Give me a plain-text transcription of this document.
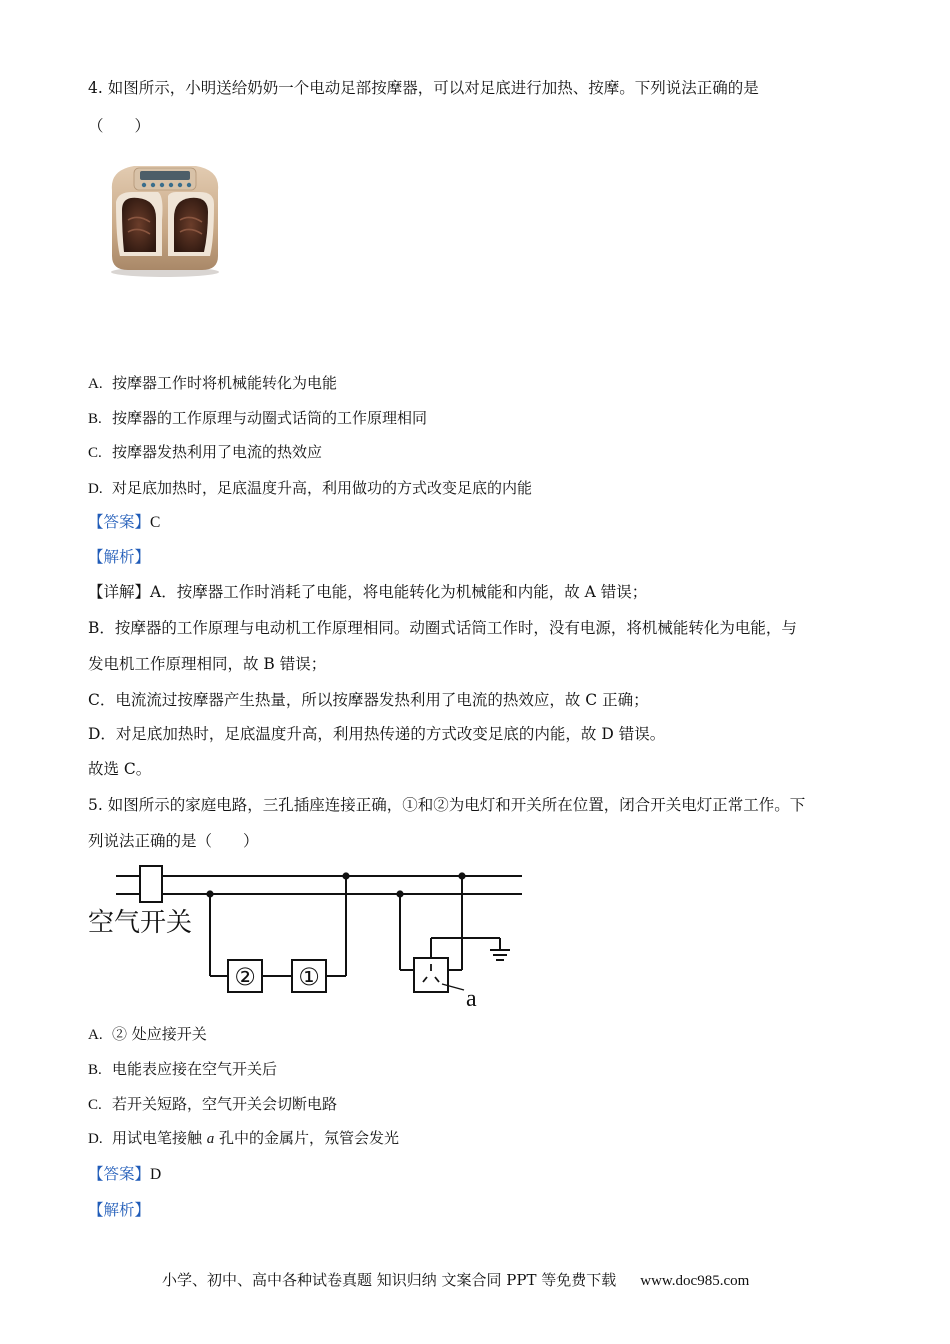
4. 如图所示，小明送给奶奶一个电动足部按摩器，可以对足底进行加热、按摩。下列说法正确的是
（　　）
A. 按摩器工作时将机械能转化为电能
B. 按摩器的工作原理与动圈式话筒的工作原理相同
C. 按摩器发热利用了电流的热效应
D. 对足底加热时，足底温度升高，利用做功的方式改变足底的内能
【答案】C
【解析】
【详解】A．按摩器工作时消耗了电能，将电能转化为机械能和内能，故 A 错误；
B．按摩器的工作原理与电动机工作原理相同。动圈式话筒工作时，没有电源，将机械能转化为电能，与
发电机工作原理相同，故 B 错误；
C．电流流过按摩器产生热量，所以按摩器发热利用了电流的热效应，故 C 正确；
D．对足底加热时，足底温度升高，利用热传递的方式改变足底的内能，故 D 错误。
故选 C。
5. 如图所示的家庭电路，三孔插座连接正确，①和②为电灯和开关所在位置，闭合开关电灯正常工作。下
列说法正确的是（　　）
空气开关
② ①
a
A. ② 处应接开关
B. 电能表应接在空气开关后
C. 若开关短路，空气开关会切断电路
D. 用试电笔接触 a 孔中的金属片，氖管会发光
【答案】D
【解析】
小学、初中、高中各种试卷真题 知识归纳 文案合同 PPT 等免费下载 www.doc985.com
